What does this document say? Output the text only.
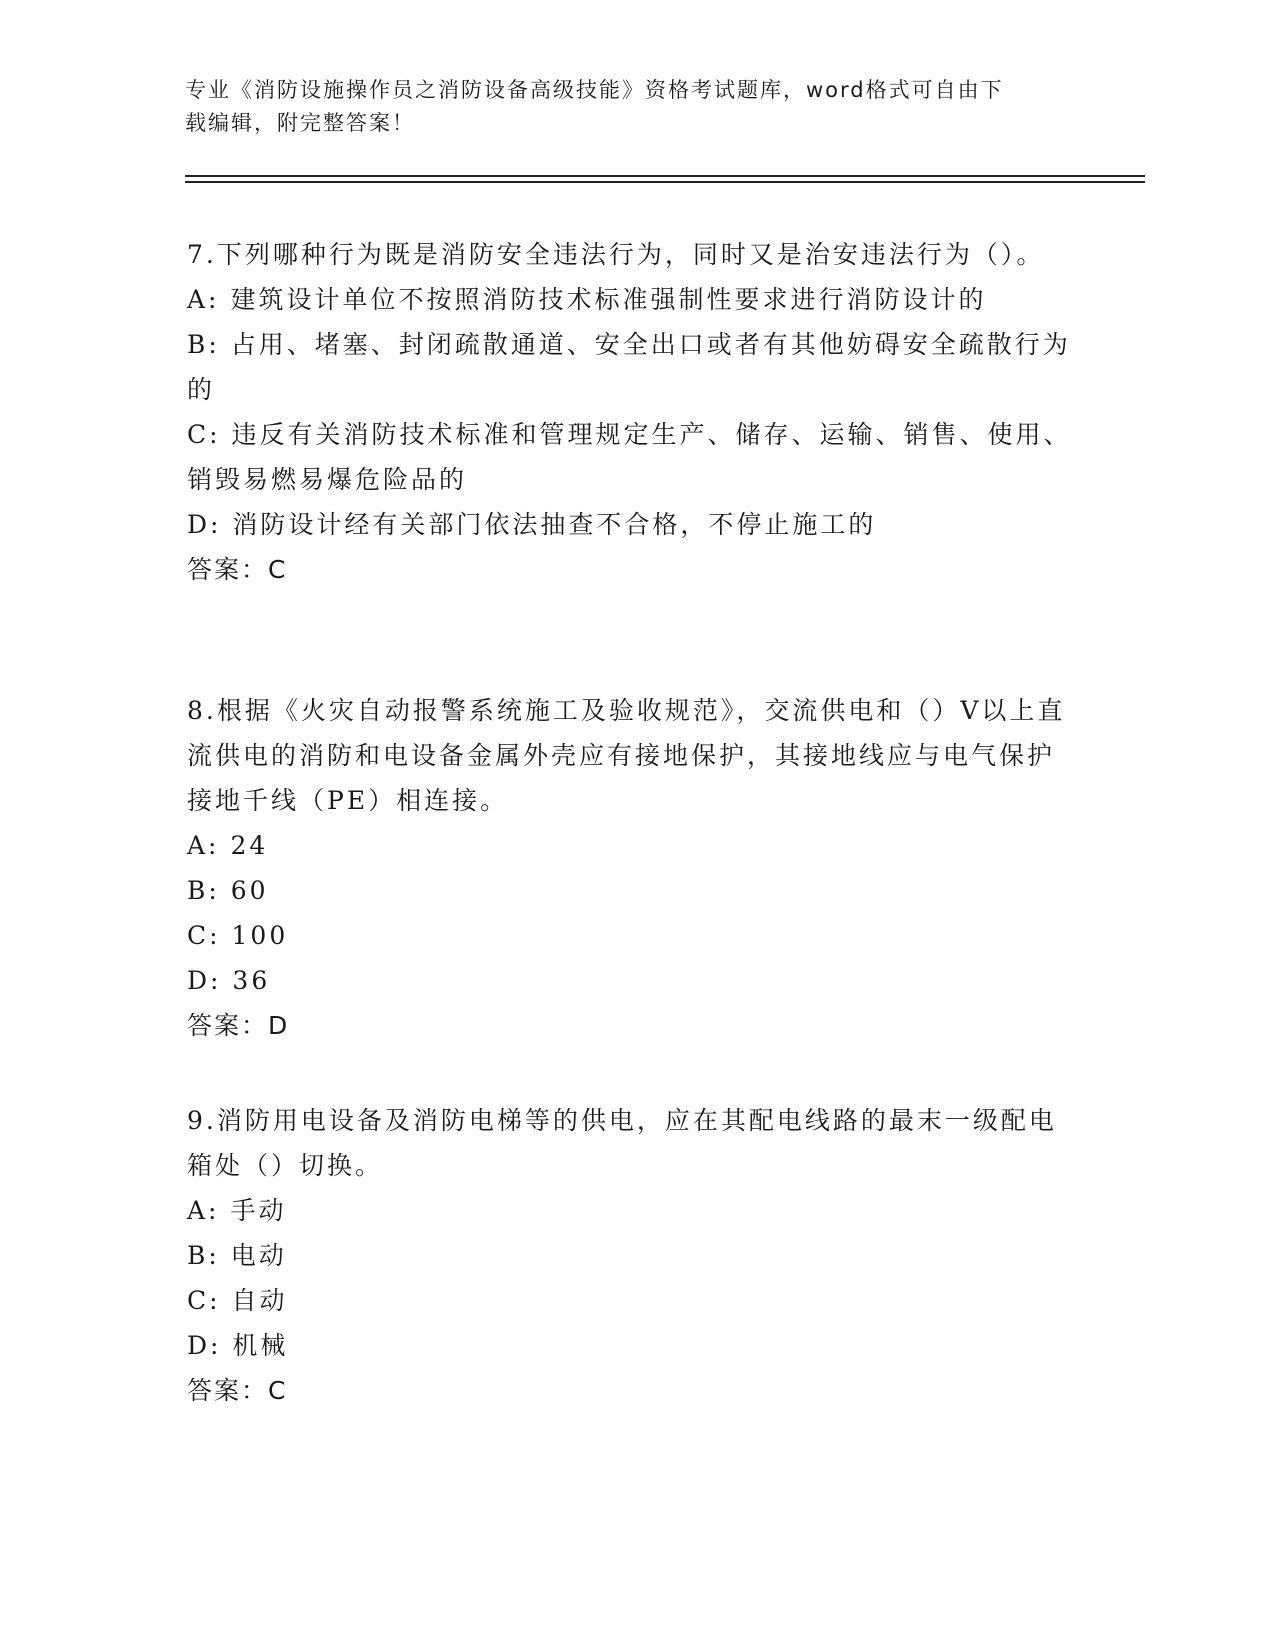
专业《消防设施操作员之消防设备高级技能》资格考试题库，word格式可自由下
载编辑，附完整答案！

7.下列哪种行为既是消防安全违法行为，同时又是治安违法行为（）。

A: 建筑设计单位不按照消防技术标准强制性要求进行消防设计的

B: 占用、堵塞、封闭疏散通道、安全出口或者有其他妨碍安全疏散行为的

C: 违反有关消防技术标准和管理规定生产、储存、运输、销售、使用、销毁易燃易爆危险品的

D: 消防设计经有关部门依法抽查不合格，不停止施工的

答案：C

8.根据《火灾自动报警系统施工及验收规范》，交流供电和（）V以上直流供电的消防和电设备金属外壳应有接地保护，其接地线应与电气保护接地千线（PE）相连接。

A: 24

B: 60

C: 100

D: 36

答案：D

9.消防用电设备及消防电梯等的供电，应在其配电线路的最末一级配电箱处（）切换。

A: 手动

B: 电动

C: 自动

D: 机械

答案：C
